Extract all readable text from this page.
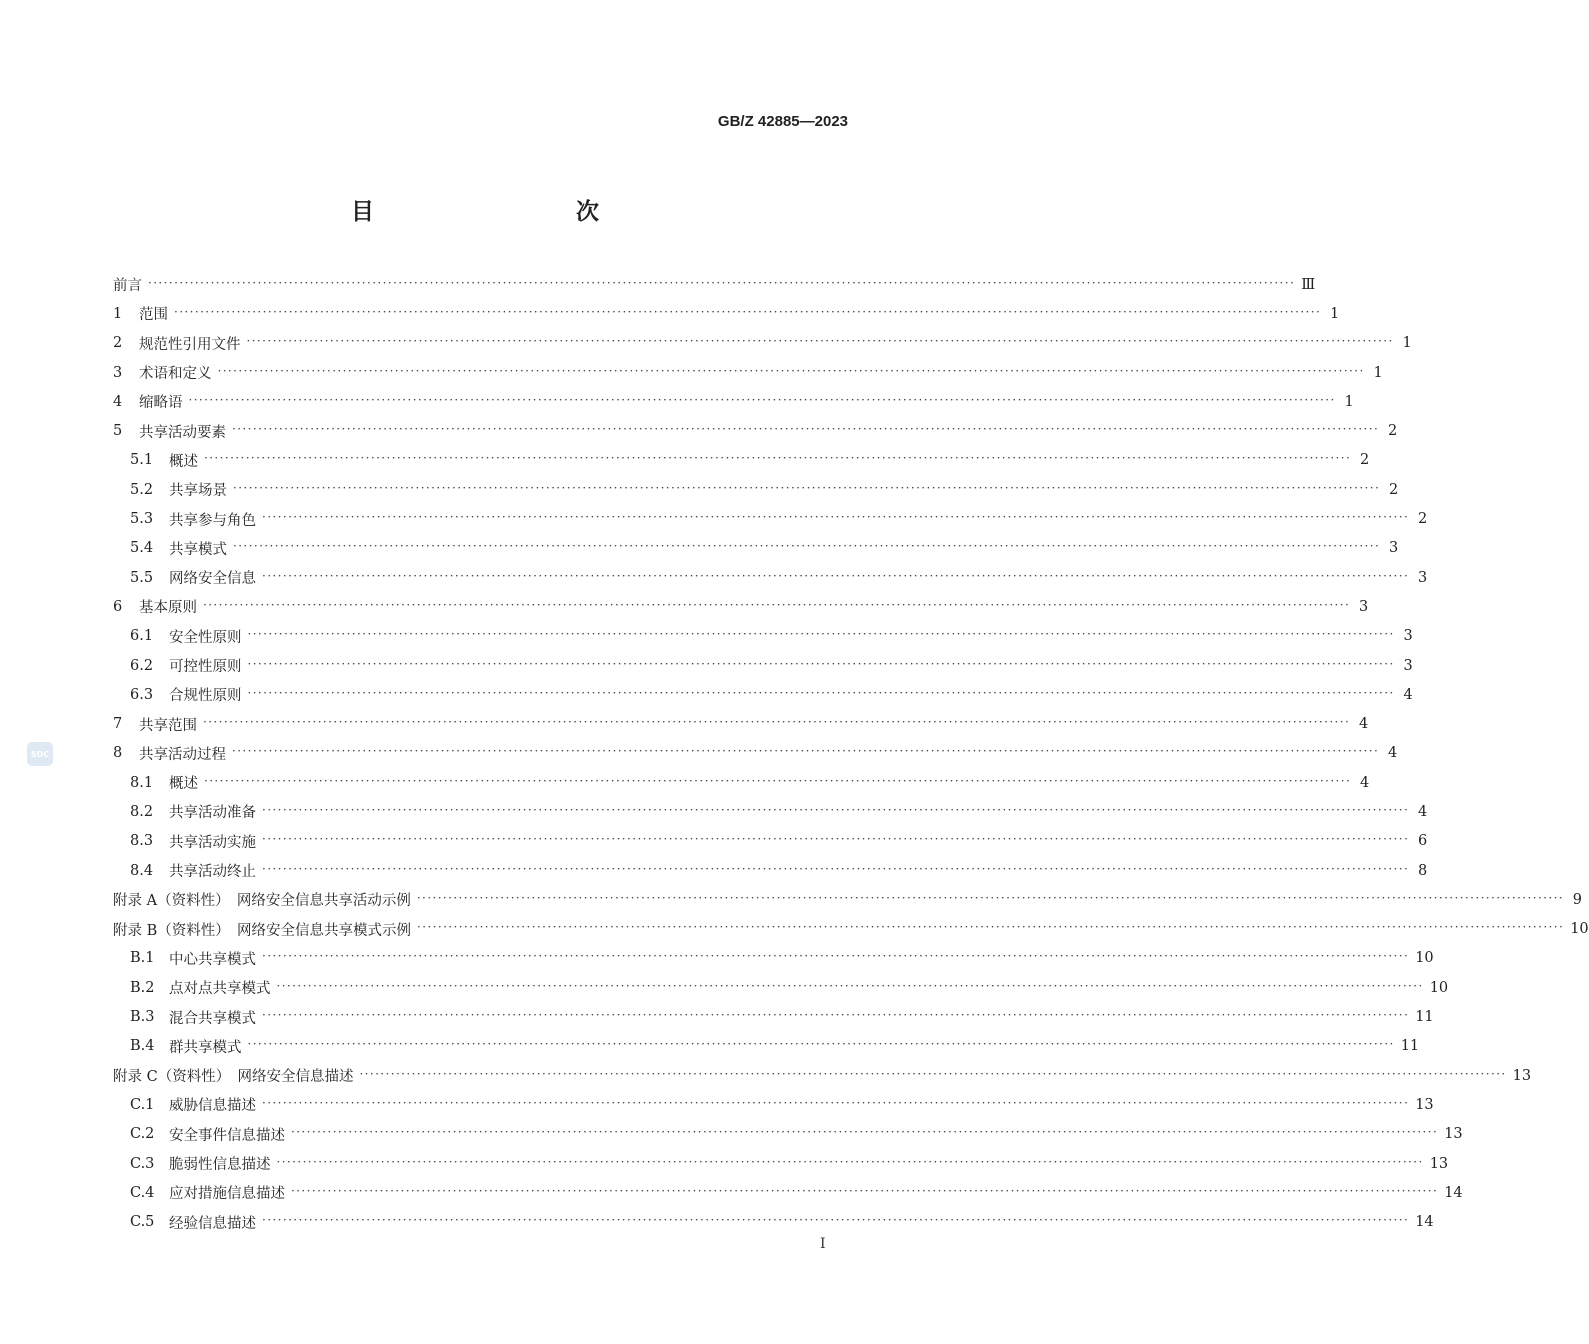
GB/Z 42885—2023
目　　次
前言 ···························································································································································································································· Ⅲ
1	范围 ···························································································································································································································· 1
2	规范性引用文件 ···························································································································································································································· 1
3	术语和定义 ···························································································································································································································· 1
4	缩略语 ···························································································································································································································· 1
5	共享活动要素 ···························································································································································································································· 2
5.1	概述 ···························································································································································································································· 2
5.2	共享场景 ···························································································································································································································· 2
5.3	共享参与角色 ···························································································································································································································· 2
5.4	共享模式 ···························································································································································································································· 3
5.5	网络安全信息 ···························································································································································································································· 3
6	基本原则 ···························································································································································································································· 3
6.1	安全性原则 ···························································································································································································································· 3
6.2	可控性原则 ···························································································································································································································· 3
6.3	合规性原则 ···························································································································································································································· 4
7	共享范围 ···························································································································································································································· 4
8	共享活动过程 ···························································································································································································································· 4
8.1	概述 ···························································································································································································································· 4
8.2	共享活动准备 ···························································································································································································································· 4
8.3	共享活动实施 ···························································································································································································································· 6
8.4	共享活动终止 ···························································································································································································································· 8
附录 A（资料性）　网络安全信息共享活动示例 ···························································································································································································································· 9
附录 B（资料性）　网络安全信息共享模式示例 ···························································································································································································································· 10
B.1	中心共享模式 ···························································································································································································································· 10
B.2	点对点共享模式 ···························································································································································································································· 10
B.3	混合共享模式 ···························································································································································································································· 11
B.4	群共享模式 ···························································································································································································································· 11
附录 C（资料性）　网络安全信息描述 ···························································································································································································································· 13
C.1	威胁信息描述 ···························································································································································································································· 13
C.2	安全事件信息描述 ···························································································································································································································· 13
C.3	脆弱性信息描述 ···························································································································································································································· 13
C.4	应对措施信息描述 ···························································································································································································································· 14
C.5	经验信息描述 ···························································································································································································································· 14
SDC
Ⅰ
